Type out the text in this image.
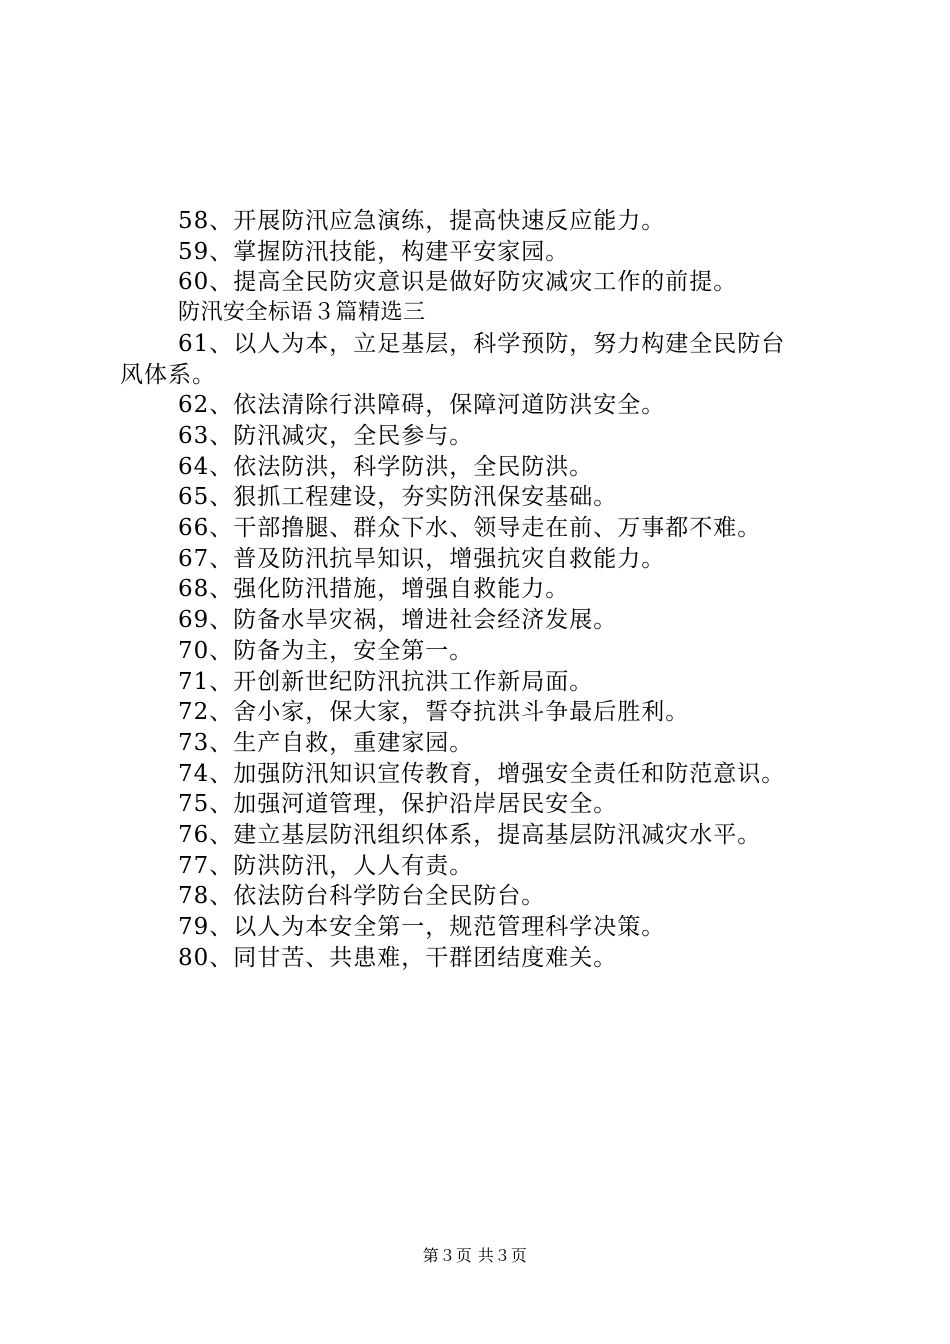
58、开展防汛应急演练，提高快速反应能力。

59、掌握防汛技能，构建平安家园。

60、提高全民防灾意识是做好防灾减灾工作的前提。

防汛安全标语３篇精选三

61、以人为本，立足基层，科学预防，努力构建全民防台

风体系。

62、依法清除行洪障碍，保障河道防洪安全。

63、防汛减灾，全民参与。

64、依法防洪，科学防洪，全民防洪。

65、狠抓工程建设，夯实防汛保安基础。

66、干部撸腿、群众下水、领导走在前、万事都不难。

67、普及防汛抗旱知识，增强抗灾自救能力。

68、强化防汛措施，增强自救能力。

69、防备水旱灾祸，增进社会经济发展。

70、防备为主，安全第一。

71、开创新世纪防汛抗洪工作新局面。

72、舍小家，保大家，誓夺抗洪斗争最后胜利。

73、生产自救，重建家园。

74、加强防汛知识宣传教育，增强安全责任和防范意识。

75、加强河道管理，保护沿岸居民安全。

76、建立基层防汛组织体系，提高基层防汛减灾水平。

77、防洪防汛，人人有责。

78、依法防台科学防台全民防台。

79、以人为本安全第一，规范管理科学决策。

80、同甘苦、共患难，干群团结度难关。

第３页 共３页
